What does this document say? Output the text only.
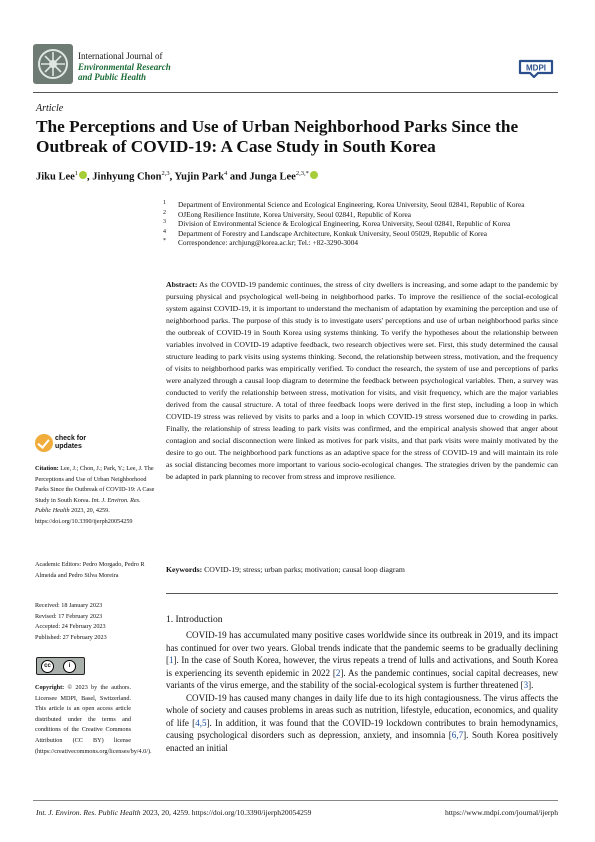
International Journal of
Environmental Research
and Public Health
MDPI
Article
The Perceptions and Use of Urban Neighborhood Parks Since the Outbreak of COVID-19: A Case Study in South Korea
Jiku Lee$^1$ , Jinhyung Chon$^{2,3}$, Yujin Park$^4$ and Junga Lee$^{2,3,*}$
1 Department of Environmental Science and Ecological Engineering, Korea University, Seoul 02841, Republic of Korea
2 OJEong Resilience Institute, Korea University, Seoul 02841, Republic of Korea
3 Division of Environmental Science & Ecological Engineering, Korea University, Seoul 02841, Republic of Korea
4 Department of Forestry and Landscape Architecture, Konkuk University, Seoul 05029, Republic of Korea
* Correspondence: archjung@korea.ac.kr; Tel.: +82-3290-3004
Abstract: As the COVID-19 pandemic continues, the stress of city dwellers is increasing, and some adapt to the pandemic by pursuing physical and psychological well-being in neighborhood parks. To improve the resilience of the social-ecological system against COVID-19, it is important to understand the mechanism of adaptation by examining the perception and use of neighborhood parks. The purpose of this study is to investigate users' perceptions and use of urban neighborhood parks since the outbreak of COVID-19 in South Korea using systems thinking. To verify the hypotheses about the relationship between variables involved in COVID-19 adaptive feedback, two research objectives were set. First, this study determined the causal structure leading to park visits using systems thinking. Second, the relationship between stress, motivation, and the frequency of visits to neighborhood parks was empirically verified. To conduct the research, the system of use and perceptions of parks were analyzed through a causal loop diagram to determine the feedback between psychological variables. Then, a survey was conducted to verify the relationship between stress, motivation for visits, and visit frequency, which are the major variables derived from the causal structure. A total of three feedback loops were derived in the first step, including a loop in which COVID-19 stress was relieved by visits to parks and a loop in which COVID-19 stress worsened due to crowding in parks. Finally, the relationship of stress leading to park visits was confirmed, and the empirical analysis showed that anger about contagion and social disconnection were linked as motives for park visits, and that park visits were mainly motivated by the desire to go out. The neighborhood park functions as an adaptive space for the stress of COVID-19 and will maintain its role as social distancing becomes more important to various socio-ecological changes. The strategies driven by the pandemic can be adapted in park planning to recover from stress and improve resilience.
Keywords: COVID-19; stress; urban parks; motivation; causal loop diagram
check for
updates
Citation: Lee, J.; Chon, J.; Park, Y.; Lee, J. The Perceptions and Use of Urban Neighborhood Parks Since the Outbreak of COVID-19: A Case Study in South Korea. Int. J. Environ. Res. Public Health 2023, 20, 4259. https://doi.org/10.3390/ijerph20054259
Academic Editors: Pedro Morgado, Pedro R Almeida and Pedro Silva Moreira
Received: 18 January 2023
Revised: 17 February 2023
Accepted: 24 February 2023
Published: 27 February 2023
cc	i
Copyright: © 2023 by the authors. Licensee MDPI, Basel, Switzerland. This article is an open access article distributed under the terms and conditions of the Creative Commons Attribution (CC BY) license (https://creativecommons.org/licenses/by/4.0/).
1. Introduction

COVID-19 has accumulated many positive cases worldwide since its outbreak in 2019, and its impact has continued for over two years. Global trends indicate that the pandemic seems to be gradually declining [1]. In the case of South Korea, however, the virus repeats a trend of lulls and activations, and South Korea is experiencing its seventh epidemic in 2022 [2]. As the pandemic continues, social capital decreases, new variants of the virus emerge, and the stability of the social-ecological system is further threatened [3].

COVID-19 has caused many changes in daily life due to its high contagiousness. The virus affects the whole of society and causes problems in areas such as nutrition, lifestyle, education, economics, and quality of life [4,5]. In addition, it was found that the COVID-19 lockdown contributes to brain hemodynamics, causing psychological disorders such as depression, anxiety, and insomnia [6,7]. South Korea positively enacted an initial

Int. J. Environ. Res. Public Health 2023, 20, 4259. https://doi.org/10.3390/ijerph20054259	https://www.mdpi.com/journal/ijerph
